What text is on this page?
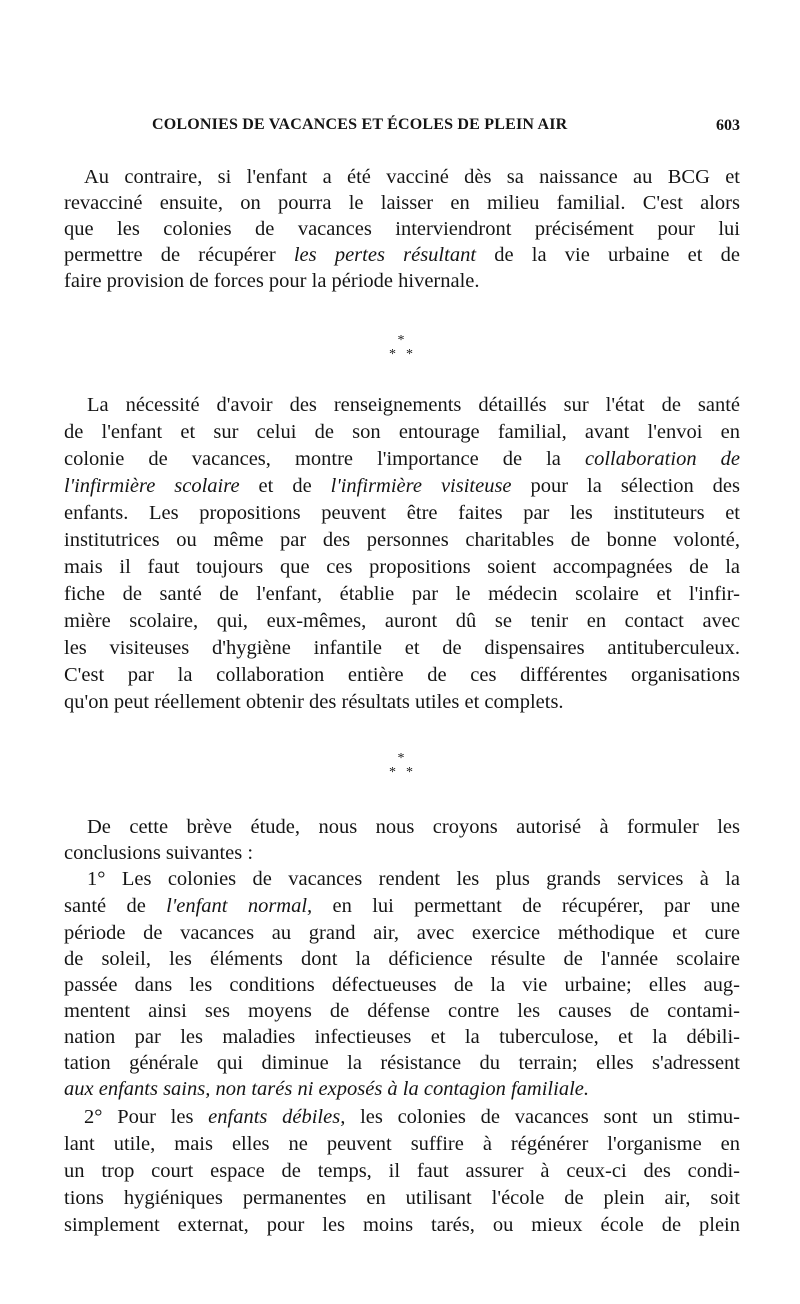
COLONIES DE VACANCES ET ÉCOLES DE PLEIN AIR	603
Au contraire, si l'enfant a été vacciné dès sa naissance au BCG et
revacciné ensuite, on pourra le laisser en milieu familial. C'est alors
que les colonies de vacances interviendront précisément pour lui
permettre de récupérer les pertes résultant de la vie urbaine et de
faire provision de forces pour la période hivernale.
*
**
La nécessité d'avoir des renseignements détaillés sur l'état de santé
de l'enfant et sur celui de son entourage familial, avant l'envoi en
colonie de vacances, montre l'importance de la collaboration de
l'infirmière scolaire et de l'infirmière visiteuse pour la sélection des
enfants. Les propositions peuvent être faites par les instituteurs et
institutrices ou même par des personnes charitables de bonne volonté,
mais il faut toujours que ces propositions soient accompagnées de la
fiche de santé de l'enfant, établie par le médecin scolaire et l'infir-
mière scolaire, qui, eux-mêmes, auront dû se tenir en contact avec
les visiteuses d'hygiène infantile et de dispensaires antituberculeux.
C'est par la collaboration entière de ces différentes organisations
qu'on peut réellement obtenir des résultats utiles et complets.
*
**
De cette brève étude, nous nous croyons autorisé à formuler les
conclusions suivantes :
1° Les colonies de vacances rendent les plus grands services à la
santé de l'enfant normal, en lui permettant de récupérer, par une
période de vacances au grand air, avec exercice méthodique et cure
de soleil, les éléments dont la déficience résulte de l'année scolaire
passée dans les conditions défectueuses de la vie urbaine; elles aug-
mentent ainsi ses moyens de défense contre les causes de contami-
nation par les maladies infectieuses et la tuberculose, et la débili-
tation générale qui diminue la résistance du terrain; elles s'adressent
aux enfants sains, non tarés ni exposés à la contagion familiale.
2° Pour les enfants débiles, les colonies de vacances sont un stimu-
lant utile, mais elles ne peuvent suffire à régénérer l'organisme en
un trop court espace de temps, il faut assurer à ceux-ci des condi-
tions hygiéniques permanentes en utilisant l'école de plein air, soit
simplement externat, pour les moins tarés, ou mieux école de plein
